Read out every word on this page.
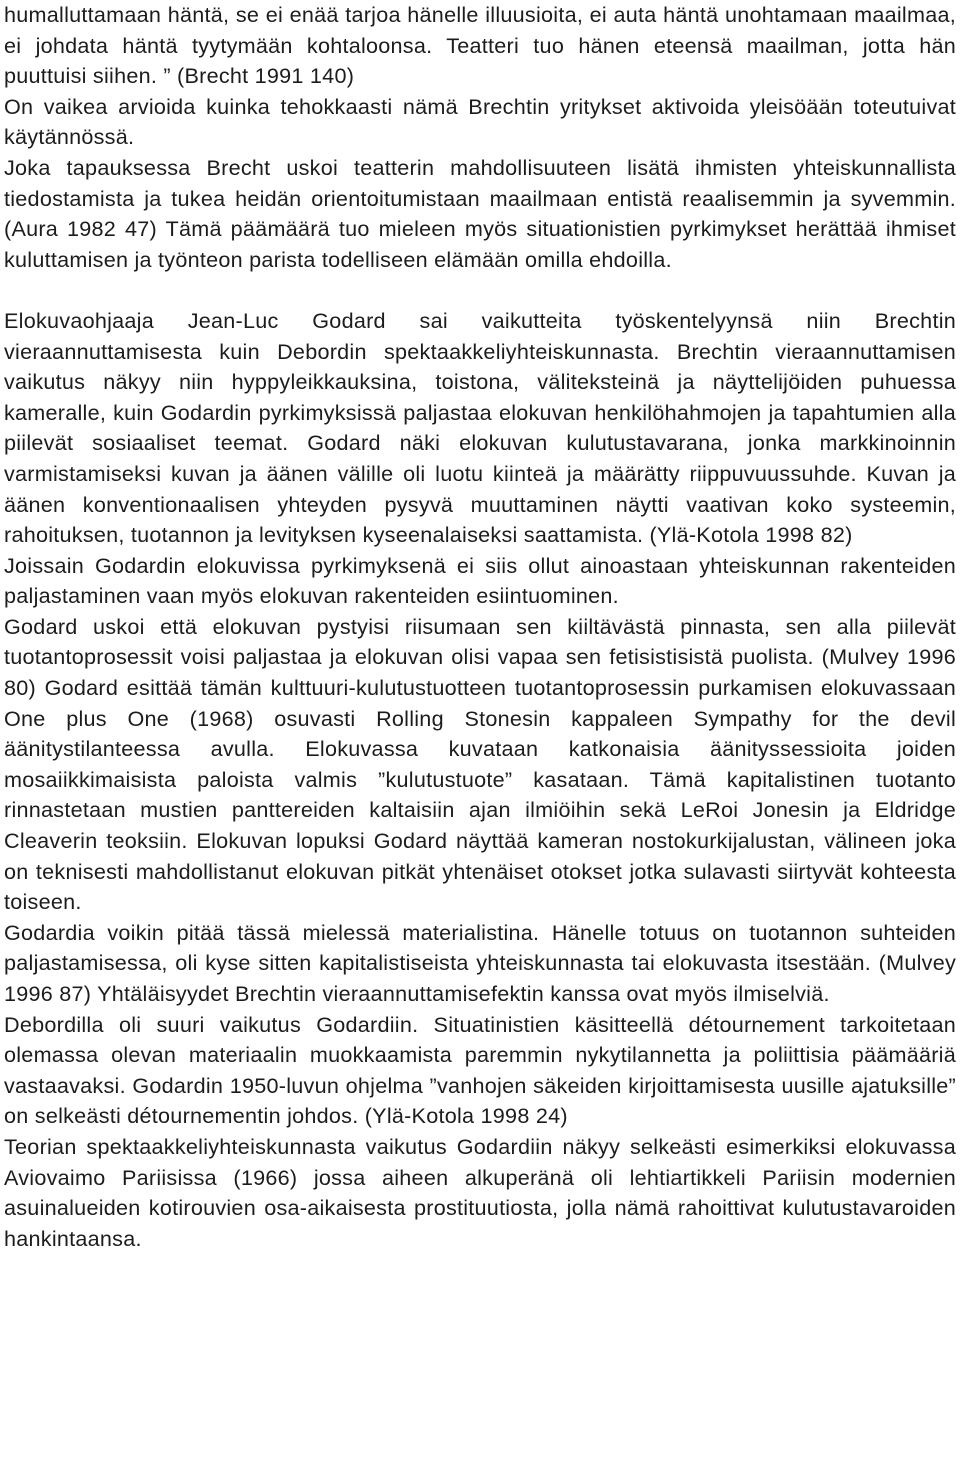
humalluttamaan häntä, se ei enää tarjoa hänelle illuusioita, ei auta häntä unohtamaan maailmaa, ei johdata häntä tyytymään kohtaloonsa. Teatteri tuo hänen eteensä maailman, jotta hän puuttuisi siihen. ” (Brecht 1991 140)

On vaikea arvioida kuinka tehokkaasti nämä Brechtin yritykset aktivoida yleisöään toteutuivat käytännössä.

Joka tapauksessa Brecht uskoi teatterin mahdollisuuteen lisätä ihmisten yhteiskunnallista tiedostamista ja tukea heidän orientoitumistaan maailmaan entistä reaalisemmin ja syvemmin. (Aura 1982 47) Tämä päämäärä tuo mieleen myös situationistien pyrkimykset herättää ihmiset kuluttamisen ja työnteon parista todelliseen elämään omilla ehdoilla.

Elokuvaohjaaja Jean-Luc Godard sai vaikutteita työskentelyynsä niin Brechtin vieraannuttamisesta kuin Debordin spektaakkeliyhteiskunnasta. Brechtin vieraannuttamisen vaikutus näkyy niin hyppyleikkauksina, toistona, väliteksteinä ja näyttelijöiden puhuessa kameralle, kuin Godardin pyrkimyksissä paljastaa elokuvan henkilöhahmojen ja tapahtumien alla piilevät sosiaaliset teemat. Godard näki elokuvan kulutustavarana, jonka markkinoinnin varmistamiseksi kuvan ja äänen välille oli luotu kiinteä ja määrätty riippuvuussuhde. Kuvan ja äänen konventionaalisen yhteyden pysyvä muuttaminen näytti vaativan koko systeemin, rahoituksen, tuotannon ja levityksen kyseenalaiseksi saattamista. (Ylä-Kotola 1998 82)

Joissain Godardin elokuvissa pyrkimyksenä ei siis ollut ainoastaan yhteiskunnan rakenteiden paljastaminen vaan myös elokuvan rakenteiden esiintuominen.

Godard uskoi että elokuvan pystyisi riisumaan sen kiiltävästä pinnasta, sen alla piilevät tuotantoprosessit voisi paljastaa ja elokuvan olisi vapaa sen fetisistisistä puolista. (Mulvey 1996 80) Godard esittää tämän kulttuuri-kulutustuotteen tuotantoprosessin purkamisen elokuvassaan One plus One (1968) osuvasti Rolling Stonesin kappaleen Sympathy for the devil äänitystilanteessa avulla. Elokuvassa kuvataan katkonaisia äänityssessioita joiden mosaiikkimaisista paloista valmis ”kulutustuote” kasataan. Tämä kapitalistinen tuotanto rinnastetaan mustien panttereiden kaltaisiin ajan ilmiöihin sekä LeRoi Jonesin ja Eldridge Cleaverin teoksiin. Elokuvan lopuksi Godard näyttää kameran nostokurkijalustan, välineen joka on teknisesti mahdollistanut elokuvan pitkät yhtenäiset otokset jotka sulavasti siirtyvät kohteesta toiseen.

Godardia voikin pitää tässä mielessä materialistina. Hänelle totuus on tuotannon suhteiden paljastamisessa, oli kyse sitten kapitalistiseista yhteiskunnasta tai elokuvasta itsestään. (Mulvey 1996 87) Yhtäläisyydet Brechtin vieraannuttamisefektin kanssa ovat myös ilmiselviä.

Debordilla oli suuri vaikutus Godardiin. Situatinistien käsitteellä détournement tarkoitetaan olemassa olevan materiaalin muokkaamista paremmin nykytilannetta ja poliittisia päämääriä vastaavaksi. Godardin 1950-luvun ohjelma ”vanhojen säkeiden kirjoittamisesta uusille ajatuksille” on selkeästi détournementin johdos. (Ylä-Kotola 1998 24)

Teorian spektaakkeliyhteiskunnasta vaikutus Godardiin näkyy selkeästi esimerkiksi elokuvassa Aviovaimo Pariisissa (1966) jossa aiheen alkuperänä oli lehtiartikkeli Pariisin modernien asuinalueiden kotirouvien osa-aikaisesta prostituutiosta, jolla nämä rahoittivat kulutustavaroiden hankintaansa.
